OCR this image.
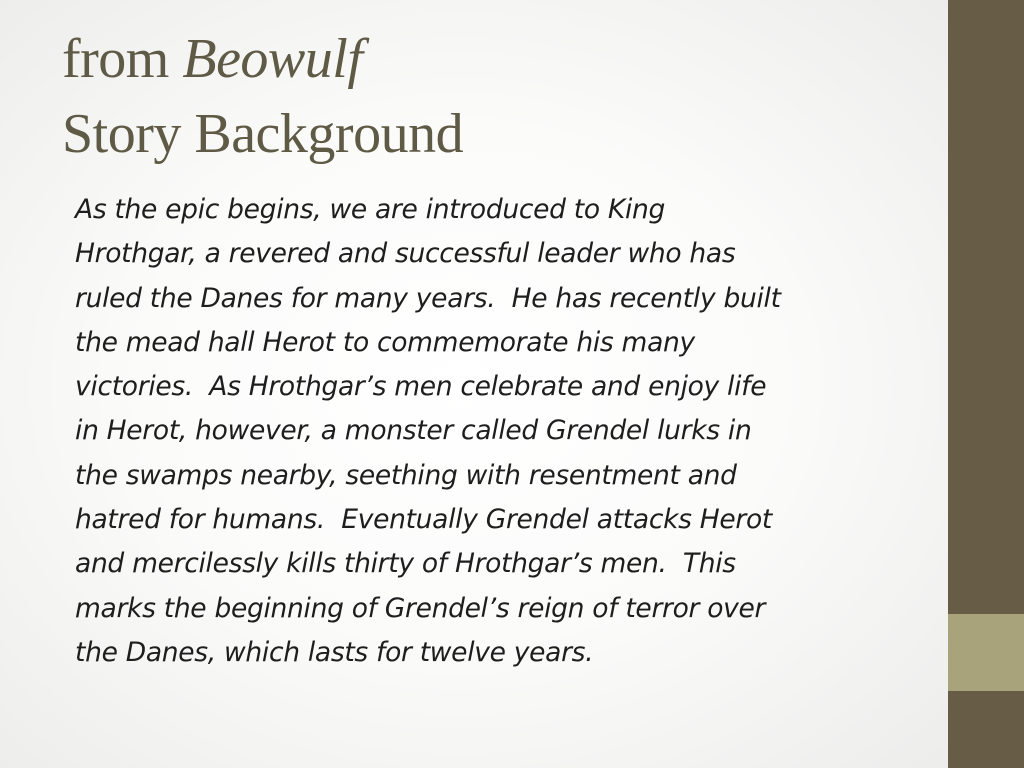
from Beowulf
Story Background

As the epic begins, we are introduced to King
Hrothgar, a revered and successful leader who has
ruled the Danes for many years.  He has recently built
the mead hall Herot to commemorate his many
victories.  As Hrothgar’s men celebrate and enjoy life
in Herot, however, a monster called Grendel lurks in
the swamps nearby, seething with resentment and
hatred for humans.  Eventually Grendel attacks Herot
and mercilessly kills thirty of Hrothgar’s men.  This
marks the beginning of Grendel’s reign of terror over
the Danes, which lasts for twelve years.
